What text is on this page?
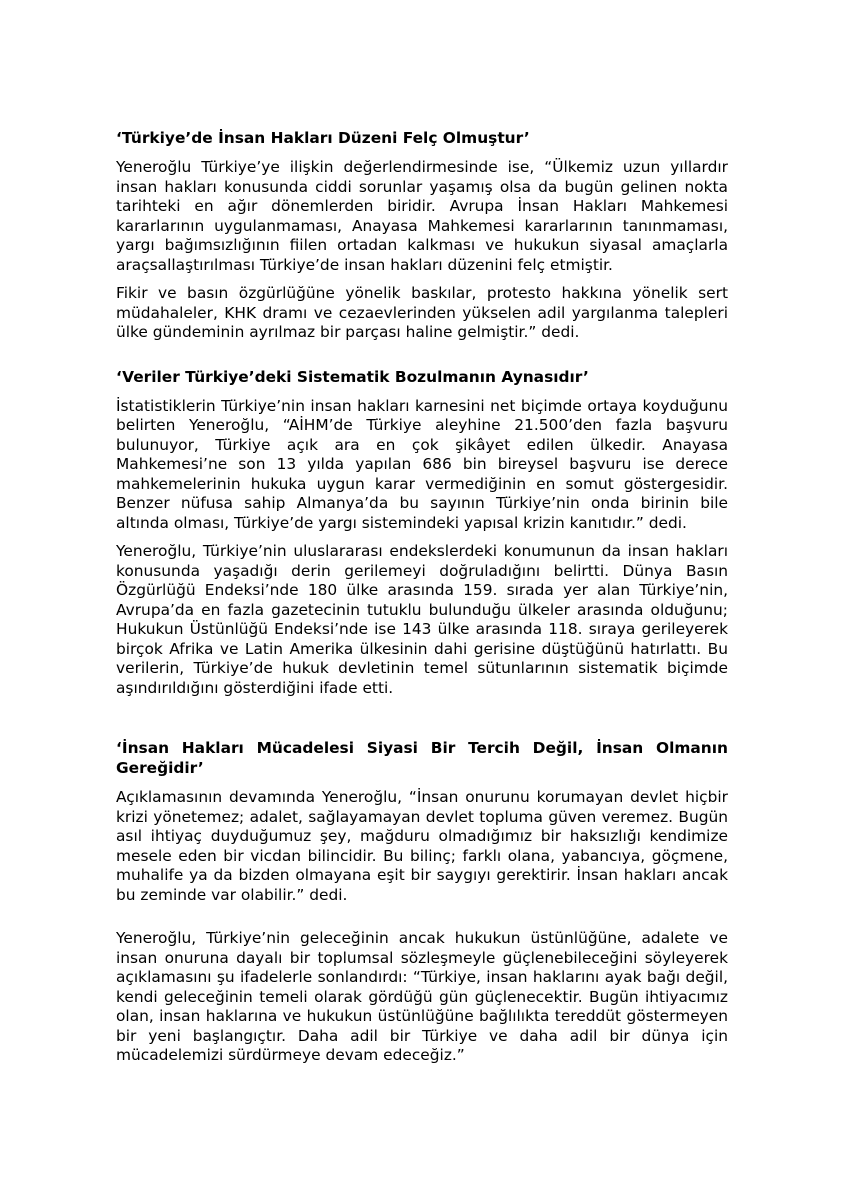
‘Türkiye’de İnsan Hakları Düzeni Felç Olmuştur’

Yeneroğlu Türkiye’ye ilişkin değerlendirmesinde ise, “Ülkemiz uzun yıllardır insan hakları konusunda ciddi sorunlar yaşamış olsa da bugün gelinen nokta tarihteki en ağır dönemlerden biridir. Avrupa İnsan Hakları Mahkemesi kararlarının uygulanmaması, Anayasa Mahkemesi kararlarının tanınmaması, yargı bağımsızlığının fiilen ortadan kalkması ve hukukun siyasal amaçlarla araçsallaştırılması Türkiye’de insan hakları düzenini felç etmiştir.

Fikir ve basın özgürlüğüne yönelik baskılar, protesto hakkına yönelik sert müdahaleler, KHK dramı ve cezaevlerinden yükselen adil yargılanma talepleri ülke gündeminin ayrılmaz bir parçası haline gelmiştir.” dedi.

‘Veriler Türkiye’deki Sistematik Bozulmanın Aynasıdır’

İstatistiklerin Türkiye’nin insan hakları karnesini net biçimde ortaya koyduğunu belirten Yeneroğlu, “AİHM’de Türkiye aleyhine 21.500’den fazla başvuru bulunuyor, Türkiye açık ara en çok şikâyet edilen ülkedir. Anayasa Mahkemesi’ne son 13 yılda yapılan 686 bin bireysel başvuru ise derece mahkemelerinin hukuka uygun karar vermediğinin en somut göstergesidir. Benzer nüfusa sahip Almanya’da bu sayının Türkiye’nin onda birinin bile altında olması, Türkiye’de yargı sistemindeki yapısal krizin kanıtıdır.” dedi.

Yeneroğlu, Türkiye’nin uluslararası endekslerdeki konumunun da insan hakları konusunda yaşadığı derin gerilemeyi doğruladığını belirtti. Dünya Basın Özgürlüğü Endeksi’nde 180 ülke arasında 159. sırada yer alan Türkiye’nin, Avrupa’da en fazla gazetecinin tutuklu bulunduğu ülkeler arasında olduğunu; Hukukun Üstünlüğü Endeksi’nde ise 143 ülke arasında 118. sıraya gerileyerek birçok Afrika ve Latin Amerika ülkesinin dahi gerisine düştüğünü hatırlattı. Bu verilerin, Türkiye’de hukuk devletinin temel sütunlarının sistematik biçimde aşındırıldığını gösterdiğini ifade etti.

‘İnsan Hakları Mücadelesi Siyasi Bir Tercih Değil, İnsan Olmanın Gereğidir’

Açıklamasının devamında Yeneroğlu, “İnsan onurunu korumayan devlet hiçbir krizi yönetemez; adalet, sağlayamayan devlet topluma güven veremez. Bugün asıl ihtiyaç duyduğumuz şey, mağduru olmadığımız bir haksızlığı kendimize mesele eden bir vicdan bilincidir. Bu bilinç; farklı olana, yabancıya, göçmene, muhalife ya da bizden olmayana eşit bir saygıyı gerektirir. İnsan hakları ancak bu zeminde var olabilir.” dedi.

Yeneroğlu, Türkiye’nin geleceğinin ancak hukukun üstünlüğüne, adalete ve insan onuruna dayalı bir toplumsal sözleşmeyle güçlenebileceğini söyleyerek açıklamasını şu ifadelerle sonlandırdı: “Türkiye, insan haklarını ayak bağı değil, kendi geleceğinin temeli olarak gördüğü gün güçlenecektir. Bugün ihtiyacımız olan, insan haklarına ve hukukun üstünlüğüne bağlılıkta tereddüt göstermeyen bir yeni başlangıçtır. Daha adil bir Türkiye ve daha adil bir dünya için mücadelemizi sürdürmeye devam edeceğiz.”
